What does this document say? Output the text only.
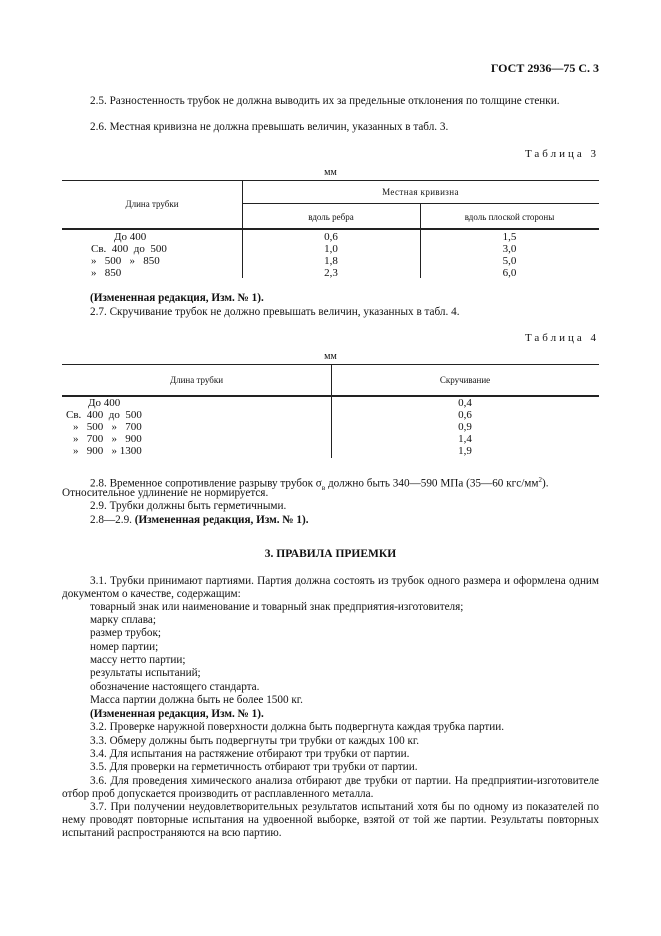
ГОСТ 2936—75 С. 3
2.5. Разностенность трубок не должна выводить их за предельные отклонения по толщине стенки.
2.6. Местная кривизна не должна превышать величин, указанных в табл. 3.
Таблица 3
мм
Длина трубки
Местная кривизна
вдоль ребра	вдоль плоской стороны
До 400
Св.  400  до  500
»   500   »   850
»   850
0,6
1,0
1,8
2,3
1,5
3,0
5,0
6,0
(Измененная редакция, Изм. № 1).
2.7. Скручивание трубок не должно превышать величин, указанных в табл. 4.
Таблица 4
мм
Длина трубки	Скручивание
До 400
Св.  400  до  500
»   500   »   700
»   700   »   900
»   900   » 1300
0,4
0,6
0,9
1,4
1,9
2.8. Временное сопротивление разрыву трубок $\sigma_в$ должно быть 340—590 МПа (35—60 кгс/$мм^2$).
Относительное удлинение не нормируется.
2.9. Трубки должны быть герметичными.
2.8—2.9. (Измененная редакция, Изм. № 1).
3. ПРАВИЛА ПРИЕМКИ
3.1. Трубки принимают партиями. Партия должна состоять из трубок одного размера и оформлена одним документом о качестве, содержащим:
товарный знак или наименование и товарный знак предприятия-изготовителя;
марку сплава;
размер трубок;
номер партии;
массу нетто партии;
результаты испытаний;
обозначение настоящего стандарта.
Масса партии должна быть не более 1500 кг.
(Измененная редакция, Изм. № 1).
3.2. Проверке наружной поверхности должна быть подвергнута каждая трубка партии.
3.3. Обмеру должны быть подвергнуты три трубки от каждых 100 кг.
3.4. Для испытания на растяжение отбирают три трубки от партии.
3.5. Для проверки на герметичность отбирают три трубки от партии.
3.6. Для проведения химического анализа отбирают две трубки от партии. На предприятии-изготовителе отбор проб допускается производить от расплавленного металла.
3.7. При получении неудовлетворительных результатов испытаний хотя бы по одному из показателей по нему проводят повторные испытания на удвоенной выборке, взятой от той же партии. Результаты повторных испытаний распространяются на всю партию.
